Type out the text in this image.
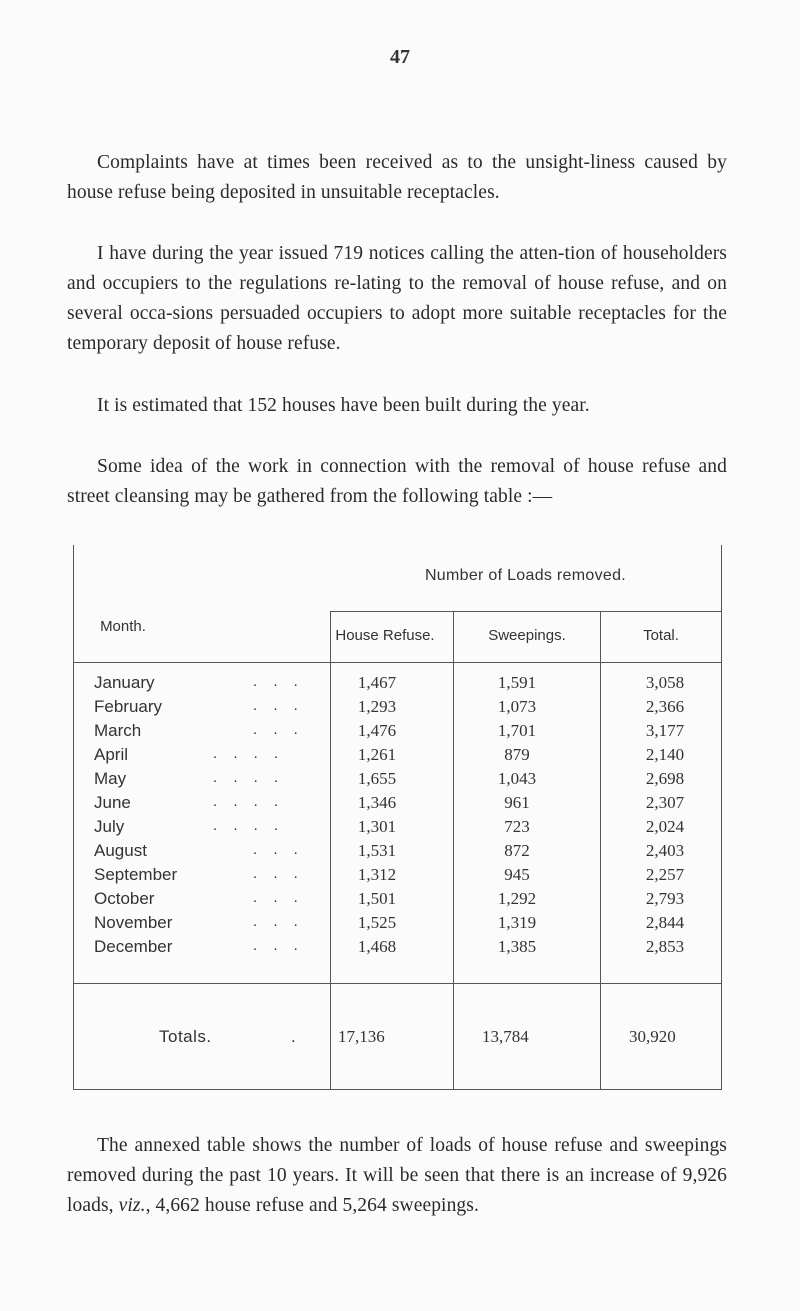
47

Complaints have at times been received as to the unsight-liness caused by house refuse being deposited in unsuitable receptacles.

I have during the year issued 719 notices calling the atten-tion of householders and occupiers to the regulations re-lating to the removal of house refuse, and on several occa-sions persuaded occupiers to adopt more suitable receptacles for the temporary deposit of house refuse.

It is estimated that 152 houses have been built during the year.

Some idea of the work in connection with the removal of house refuse and street cleansing may be gathered from the following table :—

Month.
Number of Loads removed.
House Refuse.	Sweepings.	Total.
January	. . .	1,467	1,591	3,058
February	. . .	1,293	1,073	2,366
March	. . .	1,476	1,701	3,177
April	. . . .	1,261	879	2,140
May	. . . .	1,655	1,043	2,698
June	. . . .	1,346	961	2,307
July	. . . .	1,301	723	2,024
August	. . .	1,531	872	2,403
September	. . .	1,312	945	2,257
October	. . .	1,501	1,292	2,793
November	. . .	1,525	1,319	2,844
December	. . .	1,468	1,385	2,853
Totals.	. 17,136	13,784	30,920

The annexed table shows the number of loads of house refuse and sweepings removed during the past 10 years. It will be seen that there is an increase of 9,926 loads, viz., 4,662 house refuse and 5,264 sweepings.
